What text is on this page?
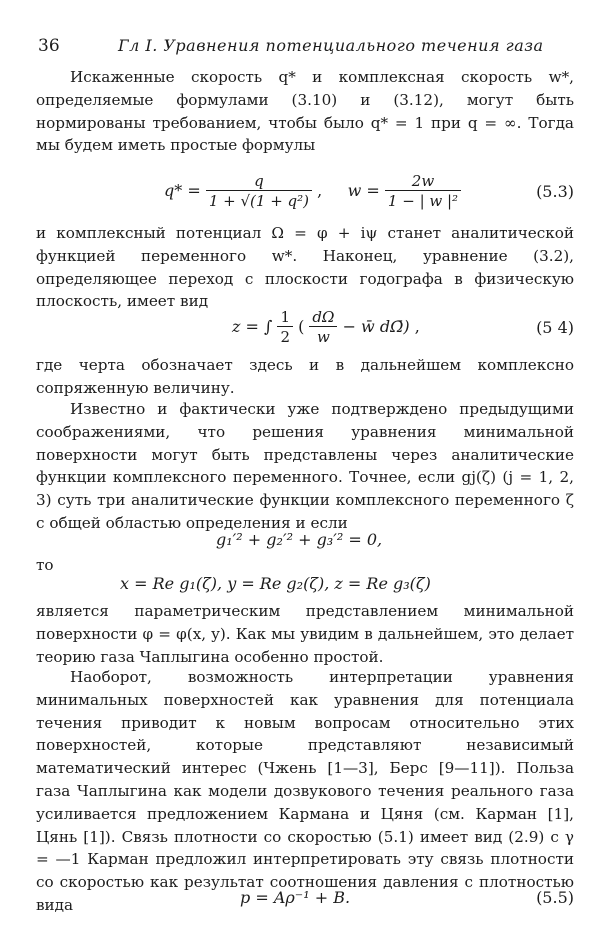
36	Гл I. Уравнения потенциального течения газа

Искаженные скорость q* и комплексная скорость w*, определяемые формулами (3.10) и (3.12), могут быть нормированы требованием, чтобы было q* = 1 при q = ∞. Тогда мы будем иметь простые формулы

$q* = \frac{q}{\text{1 + √(1 + q²)}}$ , $w = \frac{2w}{\text{1 − | w |²}}$	(5.3)

и комплексный потенциал Ω = φ + iψ станет аналитической функцией переменного w*. Наконец, уравнение (3.2), определяющее переход с плоскости годографа в физическую плоскость, имеет вид

z = ∫ $\frac{1}{2}$ ( $\frac{d\Omega}{w}$ − w̄ dΩ̄) ,	(5 4)

где черта обозначает здесь и в дальнейшем комплексно сопряженную величину.

Известно и фактически уже подтверждено предыдущими соображениями, что решения уравнения минимальной поверхности могут быть представлены через аналитические функции комплексного переменного. Точнее, если gj(ζ) (j = 1, 2, 3) суть три аналитические функции комплексного переменного ζ с общей областью определения и если

g₁′² + g₂′² + g₃′² = 0,

то

x = Re g₁(ζ), y = Re g₂(ζ), z = Re g₃(ζ)

является параметрическим представлением минимальной поверхности φ = φ(x, y). Как мы увидим в дальнейшем, это делает теорию газа Чаплыгина особенно простой.

Наоборот, возможность интерпретации уравнения минимальных поверхностей как уравнения для потенциала течения приводит к новым вопросам относительно этих поверхностей, которые представляют независимый математический интерес (Чжень [1—3], Берс [9—11]). Польза газа Чаплыгина как модели дозвукового течения реального газа усиливается предложением Кармана и Цяня (см. Карман [1], Цянь [1]). Связь плотности со скоростью (5.1) имеет вид (2.9) с γ = —1 Карман предложил интерпретировать эту связь плотности со скоростью как результат соотношения давления с плотностью вида	p = Aρ⁻¹ + B.	(5.5)
